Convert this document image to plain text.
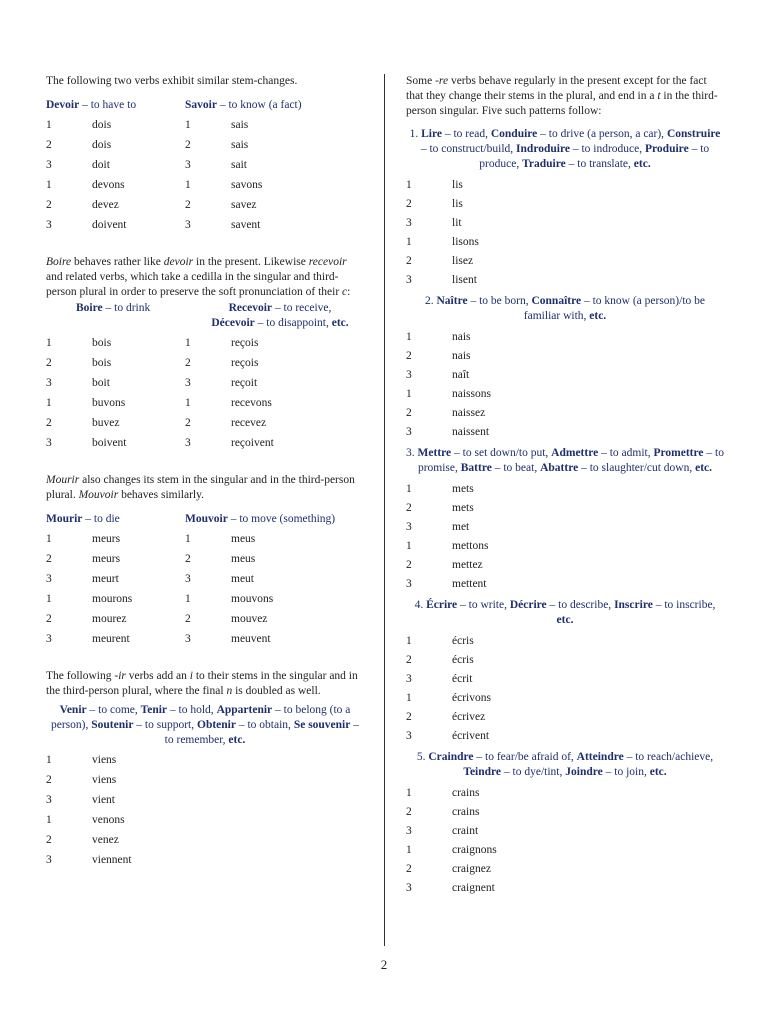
The following two verbs exhibit similar stem-changes.

Devoir – to have to	Savoir – to know (a fact)
1	dois	1	sais
2	dois	2	sais
3	doit	3	sait
1	devons	1	savons
2	devez	2	savez
3	doivent	3	savent

Boire behaves rather like devoir in the present. Likewise recevoir and related verbs, which take a cedilla in the singular and third-person plural in order to preserve the soft pronunciation of their c:

Boire – to drink	Recevoir – to receive,
Décevoir – to disappoint, etc.
1	bois	1	reçois
2	bois	2	reçois
3	boit	3	reçoit
1	buvons	1	recevons
2	buvez	2	recevez
3	boivent	3	reçoivent

Mourir also changes its stem in the singular and in the third-person plural. Mouvoir behaves similarly.

Mourir – to die	Mouvoir – to move (something)
1	meurs	1	meus
2	meurs	2	meus
3	meurt	3	meut
1	mourons	1	mouvons
2	mourez	2	mouvez
3	meurent	3	meuvent

The following -ir verbs add an i to their stems in the singular and in the third-person plural, where the final n is doubled as well.

Venir – to come, Tenir – to hold, Appartenir – to belong (to a person), Soutenir – to support, Obtenir – to obtain, Se souvenir – to remember, etc.
1	viens
2	viens
3	vient
1	venons
2	venez
3	viennent

Some -re verbs behave regularly in the present except for the fact that they change their stems in the plural, and end in a t in the third-person singular. Five such patterns follow:

1. Lire – to read, Conduire – to drive (a person, a car), Construire – to construct/build, Indroduire – to indroduce, Produire – to produce, Traduire – to translate, etc.
1	lis
2	lis
3	lit
1	lisons
2	lisez
3	lisent
2. Naître – to be born, Connaître – to know (a person)/to be familiar with, etc.
1	nais
2	nais
3	naît
1	naissons
2	naissez
3	naissent
3. Mettre – to set down/to put, Admettre – to admit, Promettre – to promise, Battre – to beat, Abattre – to slaughter/cut down, etc.
1	mets
2	mets
3	met
1	mettons
2	mettez
3	mettent
4. Écrire – to write, Décrire – to describe, Inscrire – to inscribe, etc.
1	écris
2	écris
3	écrit
1	écrivons
2	écrivez
3	écrivent
5. Craindre – to fear/be afraid of, Atteindre – to reach/achieve, Teindre – to dye/tint, Joindre – to join, etc.
1	crains
2	crains
3	craint
1	craignons
2	craignez
3	craignent
2
